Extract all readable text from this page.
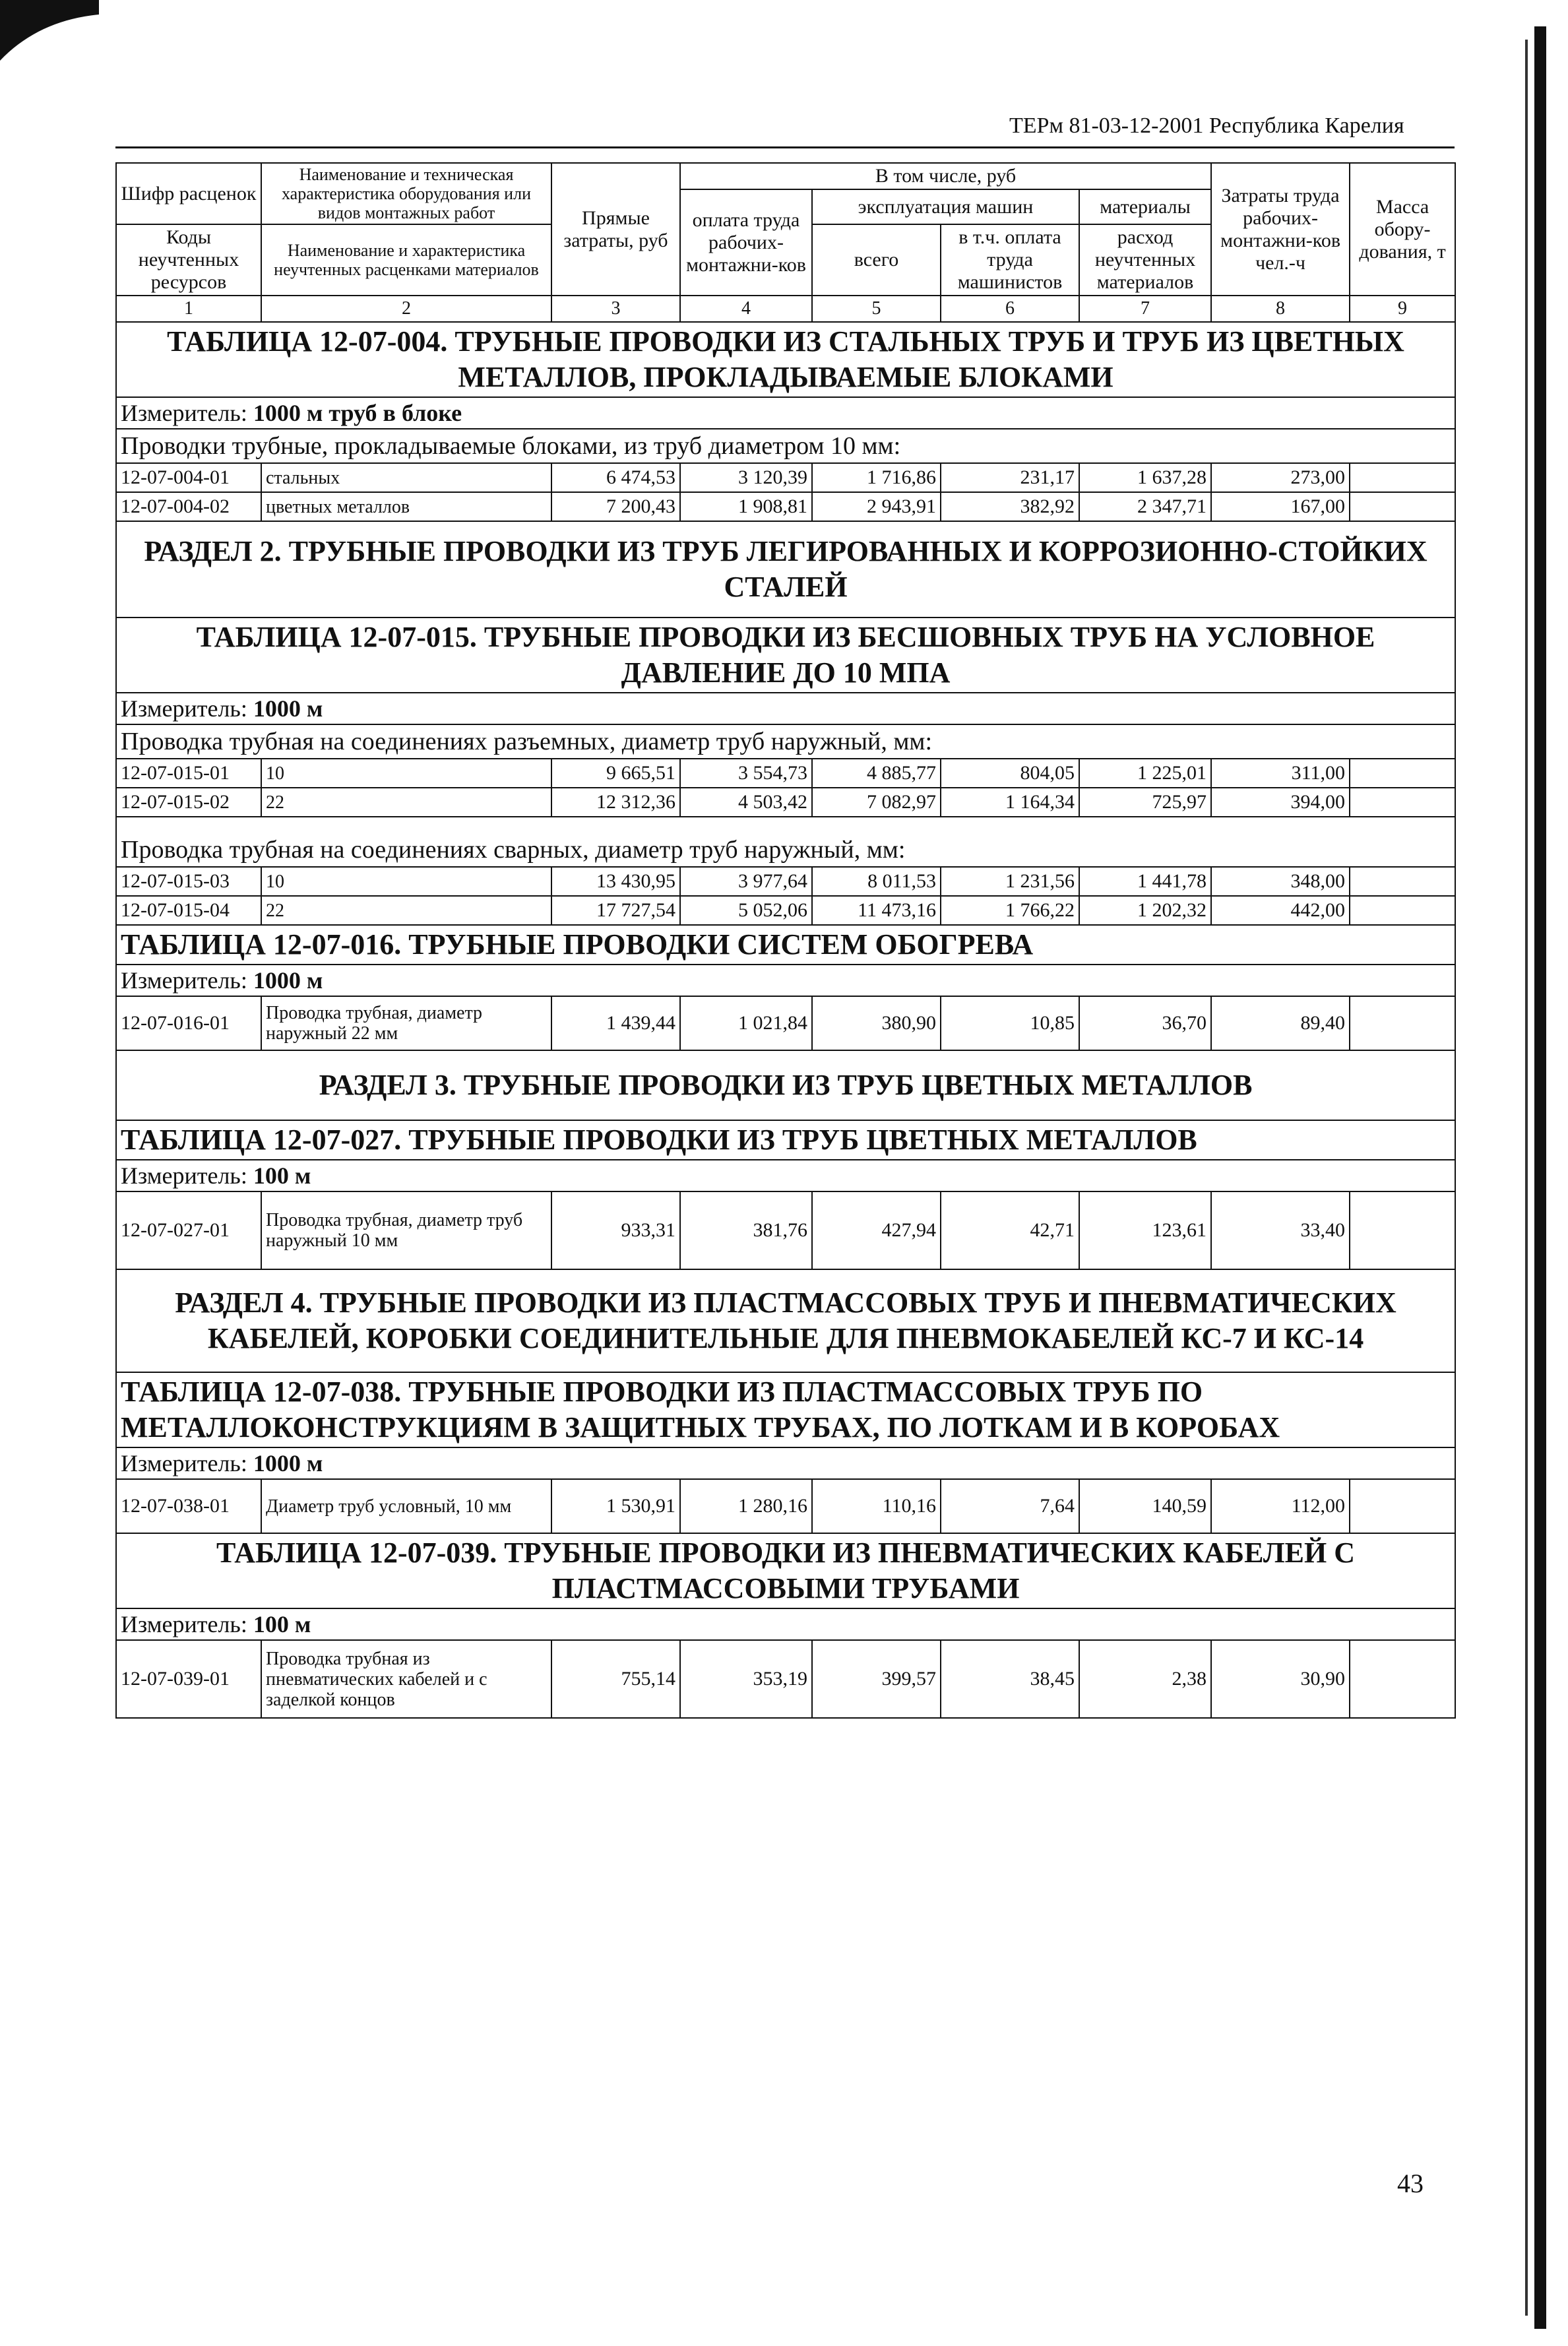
ТЕРм 81-03-12-2001 Республика Карелия
Шифр расценок	Наименование и техническая характеристика оборудования или видов монтажных работ	Прямые затраты, руб	В том числе, руб				Затраты труда рабочих-монтажни-ков чел.-ч	Масса обору-дования, т
			оплата труда рабочих-монтажни-ков	эксплуатация машин		материалы		
Коды неучтенных ресурсов	Наименование и характеристика неучтенных расценками материалов			всего	в т.ч. оплата труда машинистов	расход неучтенных материалов		

1	2	3	4	5	6	7	8	9
ТАБЛИЦА 12-07-004. ТРУБНЫЕ ПРОВОДКИ ИЗ СТАЛЬНЫХ ТРУБ И ТРУБ ИЗ ЦВЕТНЫХ МЕТАЛЛОВ, ПРОКЛАДЫВАЕМЫЕ БЛОКАМИ								
Измеритель: 1000 м труб в блоке								
Проводки трубные, прокладываемые блоками, из труб диаметром 10 мм:								
12-07-004-01	стальных	6 474,53	3 120,39	1 716,86	231,17	1 637,28	273,00	
12-07-004-02	цветных металлов	7 200,43	1 908,81	2 943,91	382,92	2 347,71	167,00	
РАЗДЕЛ 2. ТРУБНЫЕ ПРОВОДКИ ИЗ ТРУБ ЛЕГИРОВАННЫХ И КОРРОЗИОННО-СТОЙКИХ СТАЛЕЙ								
ТАБЛИЦА 12-07-015. ТРУБНЫЕ ПРОВОДКИ ИЗ БЕСШОВНЫХ ТРУБ НА УСЛОВНОЕ ДАВЛЕНИЕ ДО 10 МПА								
Измеритель: 1000 м								
Проводка трубная на соединениях разъемных, диаметр труб наружный, мм:								
12-07-015-01	10	9 665,51	3 554,73	4 885,77	804,05	1 225,01	311,00	
12-07-015-02	22	12 312,36	4 503,42	7 082,97	1 164,34	725,97	394,00	
Проводка трубная на соединениях сварных, диаметр труб наружный, мм:								
12-07-015-03	10	13 430,95	3 977,64	8 011,53	1 231,56	1 441,78	348,00	
12-07-015-04	22	17 727,54	5 052,06	11 473,16	1 766,22	1 202,32	442,00	
ТАБЛИЦА 12-07-016. ТРУБНЫЕ ПРОВОДКИ СИСТЕМ ОБОГРЕВА								
Измеритель: 1000 м								
12-07-016-01	Проводка трубная, диаметр наружный 22 мм	1 439,44	1 021,84	380,90	10,85	36,70	89,40	
РАЗДЕЛ 3. ТРУБНЫЕ ПРОВОДКИ ИЗ ТРУБ ЦВЕТНЫХ МЕТАЛЛОВ								
ТАБЛИЦА 12-07-027. ТРУБНЫЕ ПРОВОДКИ ИЗ ТРУБ ЦВЕТНЫХ МЕТАЛЛОВ								
Измеритель: 100 м								
12-07-027-01	Проводка трубная, диаметр труб наружный 10 мм	933,31	381,76	427,94	42,71	123,61	33,40	
РАЗДЕЛ 4. ТРУБНЫЕ ПРОВОДКИ ИЗ ПЛАСТМАССОВЫХ ТРУБ И ПНЕВМАТИЧЕСКИХ КАБЕЛЕЙ, КОРОБКИ СОЕДИНИТЕЛЬНЫЕ ДЛЯ ПНЕВМОКАБЕЛЕЙ КС-7 И КС-14								
ТАБЛИЦА 12-07-038. ТРУБНЫЕ ПРОВОДКИ ИЗ ПЛАСТМАССОВЫХ ТРУБ ПО МЕТАЛЛОКОНСТРУКЦИЯМ В ЗАЩИТНЫХ ТРУБАХ, ПО ЛОТКАМ И В КОРОБАХ								
Измеритель: 1000 м								
12-07-038-01	Диаметр труб условный, 10 мм	1 530,91	1 280,16	110,16	7,64	140,59	112,00	
ТАБЛИЦА 12-07-039. ТРУБНЫЕ ПРОВОДКИ ИЗ ПНЕВМАТИЧЕСКИХ КАБЕЛЕЙ С ПЛАСТМАССОВЫМИ ТРУБАМИ								
Измеритель: 100 м								
12-07-039-01	Проводка трубная из пневматических кабелей и с заделкой концов	755,14	353,19	399,57	38,45	2,38	30,90	
43
